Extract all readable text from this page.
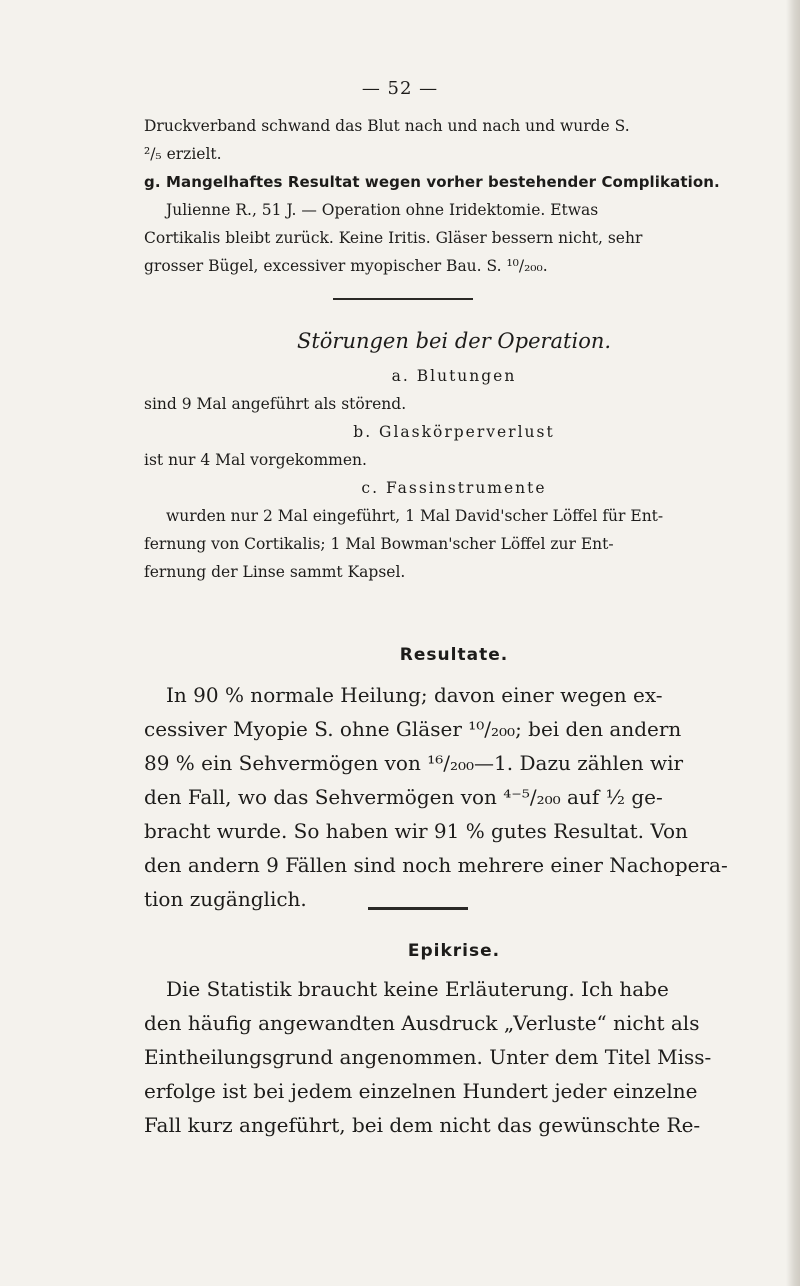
— 52 —

Druckverband schwand das Blut nach und nach und wurde S.

²/₅ erzielt.

g. Mangelhaftes Resultat wegen vorher bestehender Complikation.

Julienne R., 51 J. — Operation ohne Iridektomie. Etwas

Cortikalis bleibt zurück. Keine Iritis. Gläser bessern nicht, sehr

grosser Bügel, excessiver myopischer Bau. S. ¹⁰/₂₀₀.

Störungen bei der Operation.

a. Blutungen

sind 9 Mal angeführt als störend.

b. Glaskörperverlust

ist nur 4 Mal vorgekommen.

c. Fassinstrumente

wurden nur 2 Mal eingeführt, 1 Mal David'scher Löffel für Ent-

fernung von Cortikalis; 1 Mal Bowman'scher Löffel zur Ent-

fernung der Linse sammt Kapsel.

Resultate.

In 90 % normale Heilung; davon einer wegen ex-

cessiver Myopie S. ohne Gläser ¹⁰/₂₀₀; bei den andern

89 % ein Sehvermögen von ¹⁶/₂₀₀—1. Dazu zählen wir

den Fall, wo das Sehvermögen von ⁴⁻⁵/₂₀₀ auf ½ ge-

bracht wurde. So haben wir 91 % gutes Resultat. Von

den andern 9 Fällen sind noch mehrere einer Nachopera-

tion zugänglich.

Epikrise.

Die Statistik braucht keine Erläuterung. Ich habe

den häufig angewandten Ausdruck „Verluste“ nicht als

Eintheilungsgrund angenommen. Unter dem Titel Miss-

erfolge ist bei jedem einzelnen Hundert jeder einzelne

Fall kurz angeführt, bei dem nicht das gewünschte Re-
